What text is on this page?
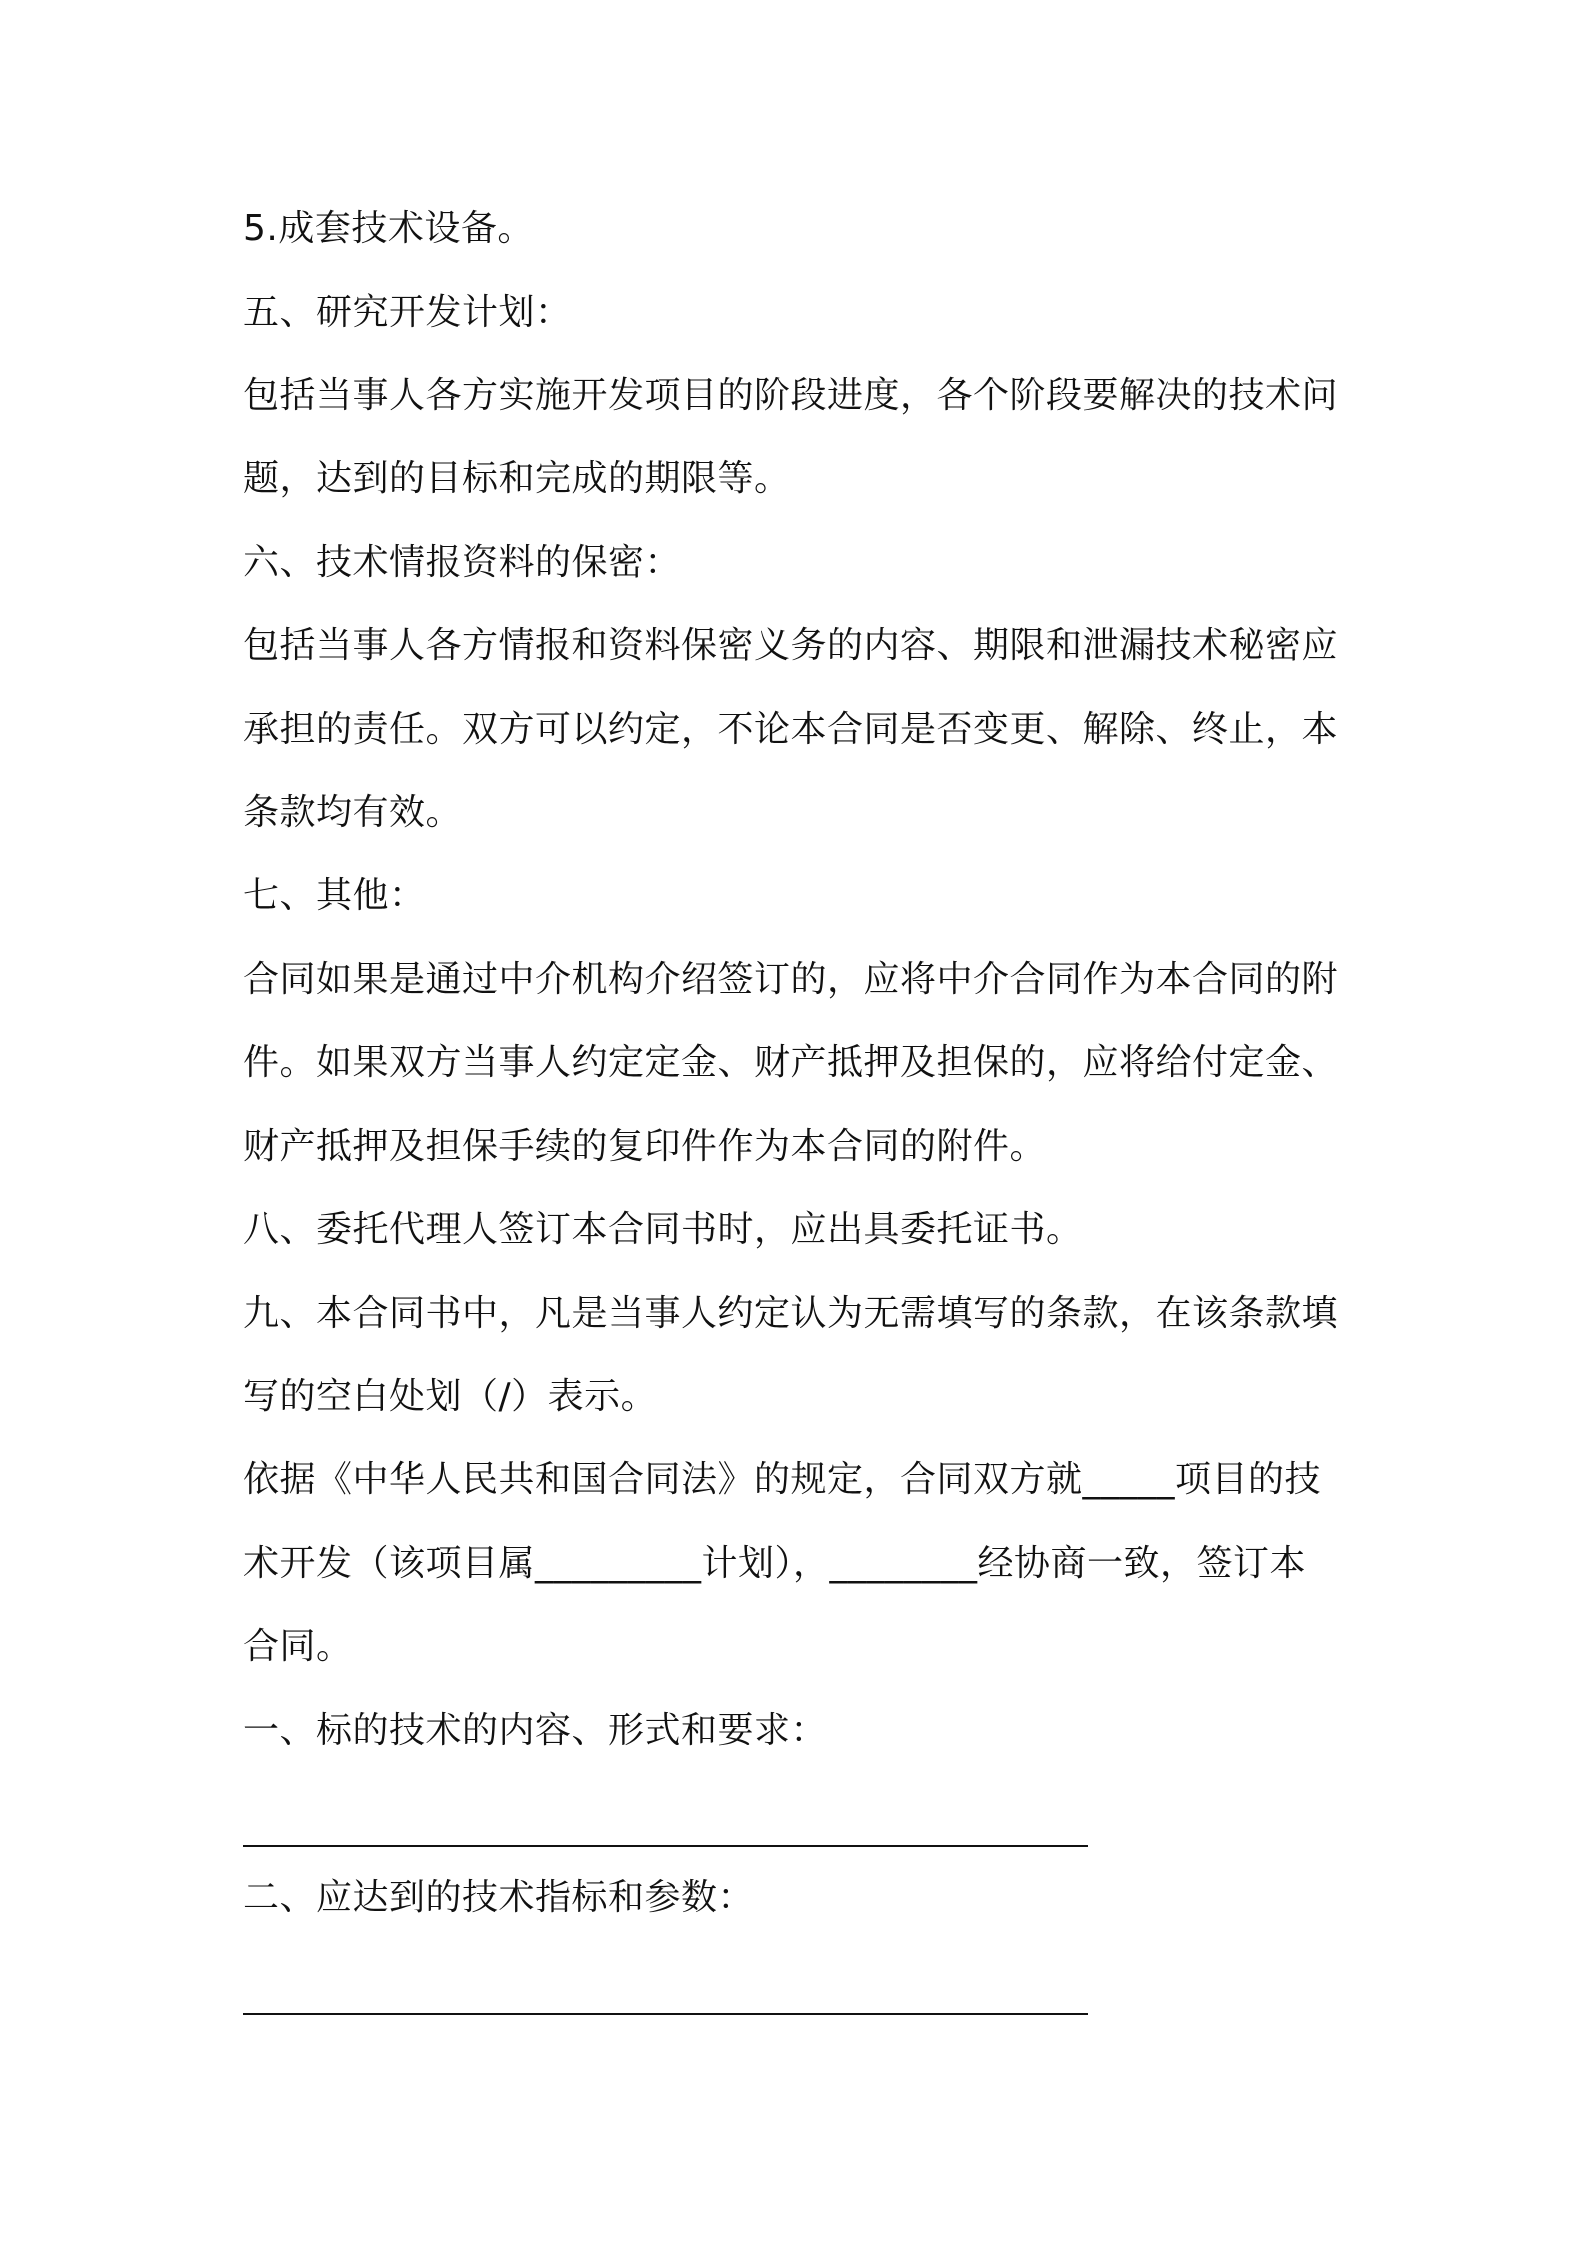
5.成套技术设备。
五、研究开发计划：
包括当事人各方实施开发项目的阶段进度，各个阶段要解决的技术问
题，达到的目标和完成的期限等。
六、技术情报资料的保密：
包括当事人各方情报和资料保密义务的内容、期限和泄漏技术秘密应
承担的责任。双方可以约定，不论本合同是否变更、解除、终止，本
条款均有效。
七、其他：
合同如果是通过中介机构介绍签订的，应将中介合同作为本合同的附
件。如果双方当事人约定定金、财产抵押及担保的，应将给付定金、
财产抵押及担保手续的复印件作为本合同的附件。
八、委托代理人签订本合同书时，应出具委托证书。
九、本合同书中，凡是当事人约定认为无需填写的条款，在该条款填
写的空白处划（/）表示。
依据《中华人民共和国合同法》的规定，合同双方就_____项目的技
术开发（该项目属_________计划），________经协商一致，签订本
合同。
一、标的技术的内容、形式和要求：
二、应达到的技术指标和参数：
